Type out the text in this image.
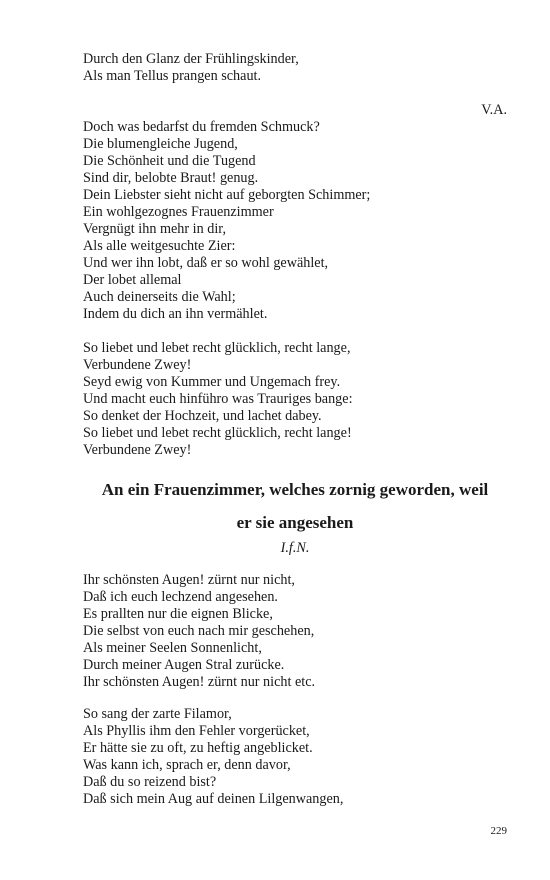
Durch den Glanz der Frühlingskinder,
Als man Tellus prangen schaut.
V.A.
Doch was bedarfst du fremden Schmuck?
Die blumengleiche Jugend,
Die Schönheit und die Tugend
Sind dir, belobte Braut! genug.
Dein Liebster sieht nicht auf geborgten Schimmer;
Ein wohlgezognes Frauenzimmer
Vergnügt ihn mehr in dir,
Als alle weitgesuchte Zier:
Und wer ihn lobt, daß er so wohl gewählet,
Der lobet allemal
Auch deinerseits die Wahl;
Indem du dich an ihn vermählet.
So liebet und lebet recht glücklich, recht lange,
Verbundene Zwey!
Seyd ewig von Kummer und Ungemach frey.
Und macht euch hinführo was Trauriges bange:
So denket der Hochzeit, und lachet dabey.
So liebet und lebet recht glücklich, recht lange!
Verbundene Zwey!
An ein Frauenzimmer, welches zornig geworden, weil
er sie angesehen
I.f.N.
Ihr schönsten Augen! zürnt nur nicht,
Daß ich euch lechzend angesehen.
Es prallten nur die eignen Blicke,
Die selbst von euch nach mir geschehen,
Als meiner Seelen Sonnenlicht,
Durch meiner Augen Stral zurücke.
Ihr schönsten Augen! zürnt nur nicht etc.
So sang der zarte Filamor,
Als Phyllis ihm den Fehler vorgerücket,
Er hätte sie zu oft, zu heftig angeblicket.
Was kann ich, sprach er, denn davor,
Daß du so reizend bist?
Daß sich mein Aug auf deinen Lilgenwangen,
229
